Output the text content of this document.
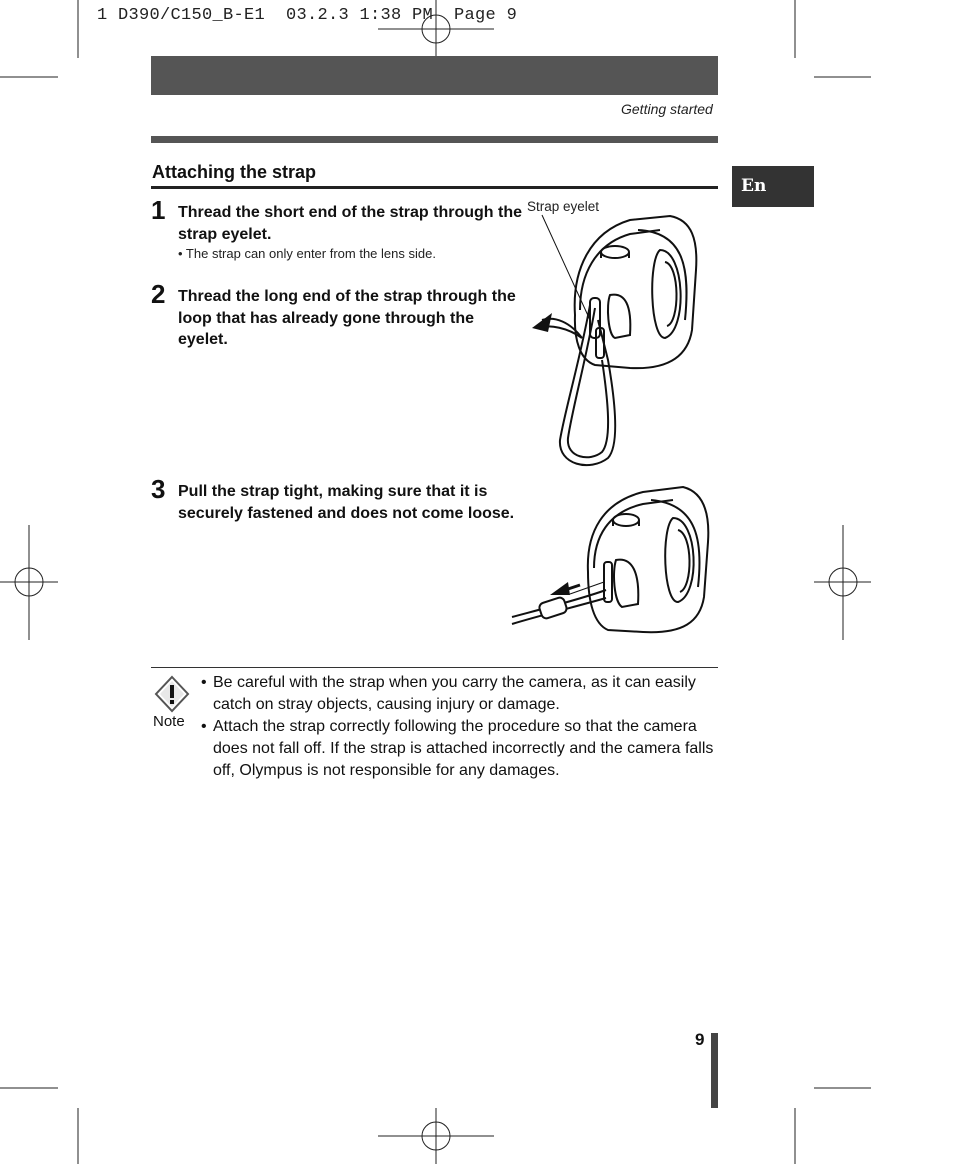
1 D390/C150_B-E1  03.2.3 1:38 PM  Page 9
Getting started
En
Attaching the strap
1 Thread the short end of the strap through the strap eyelet.
• The strap can only enter from the lens side.
2 Thread the long end of the strap through the loop that has already gone through the eyelet.
3 Pull the strap tight, making sure that it is securely fastened and does not come loose.
Strap eyelet
Note
• Be careful with the strap when you carry the camera, as it can easily catch on stray objects, causing injury or damage.
• Attach the strap correctly following the procedure so that the camera does not fall off. If the strap is attached incorrectly and the camera falls off, Olympus is not responsible for any damages.
9
